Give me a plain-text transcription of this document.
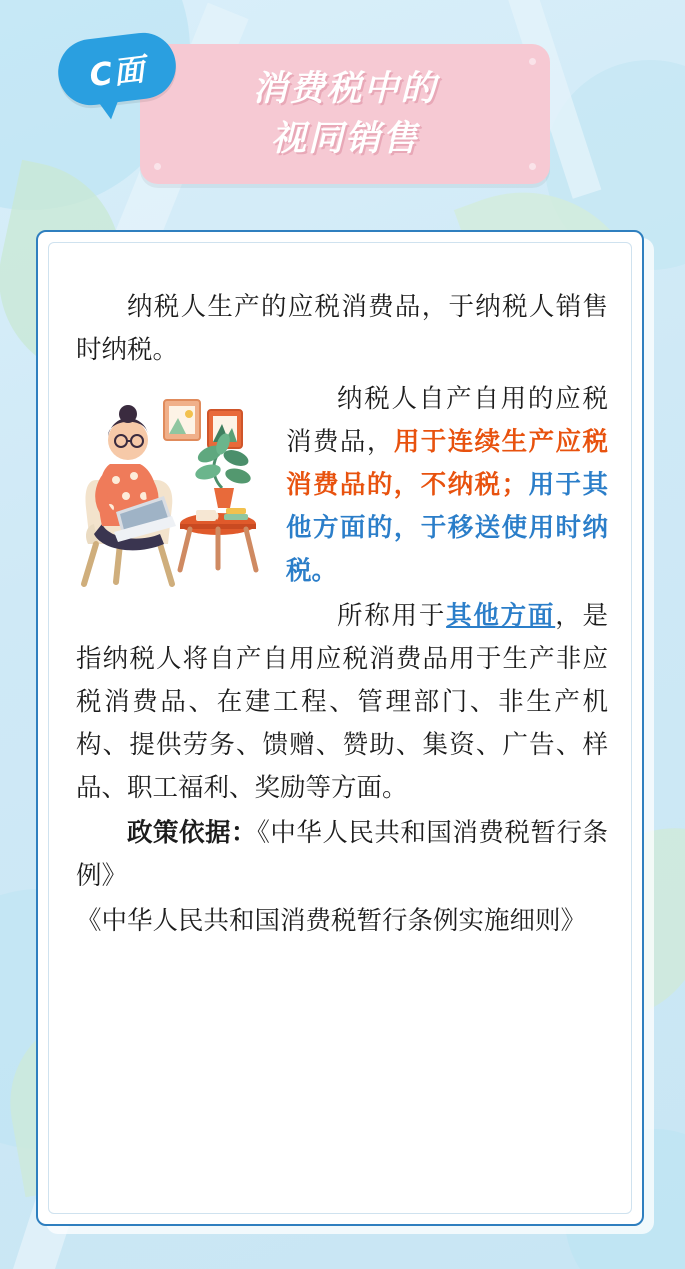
消费税中的
视同销售
C面

纳税人生产的应税消费品，于纳税人销售时纳税。

纳税人自产自用的应税消费品，用于连续生产应税消费品的，不纳税；用于其他方面的，于移送使用时纳税。

所称用于其他方面，是指纳税人将自产自用应税消费品用于生产非应税消费品、在建工程、管理部门、非生产机构、提供劳务、馈赠、赞助、集资、广告、样品、职工福利、奖励等方面。

政策依据：《中华人民共和国消费税暂行条例》

《中华人民共和国消费税暂行条例实施细则》
